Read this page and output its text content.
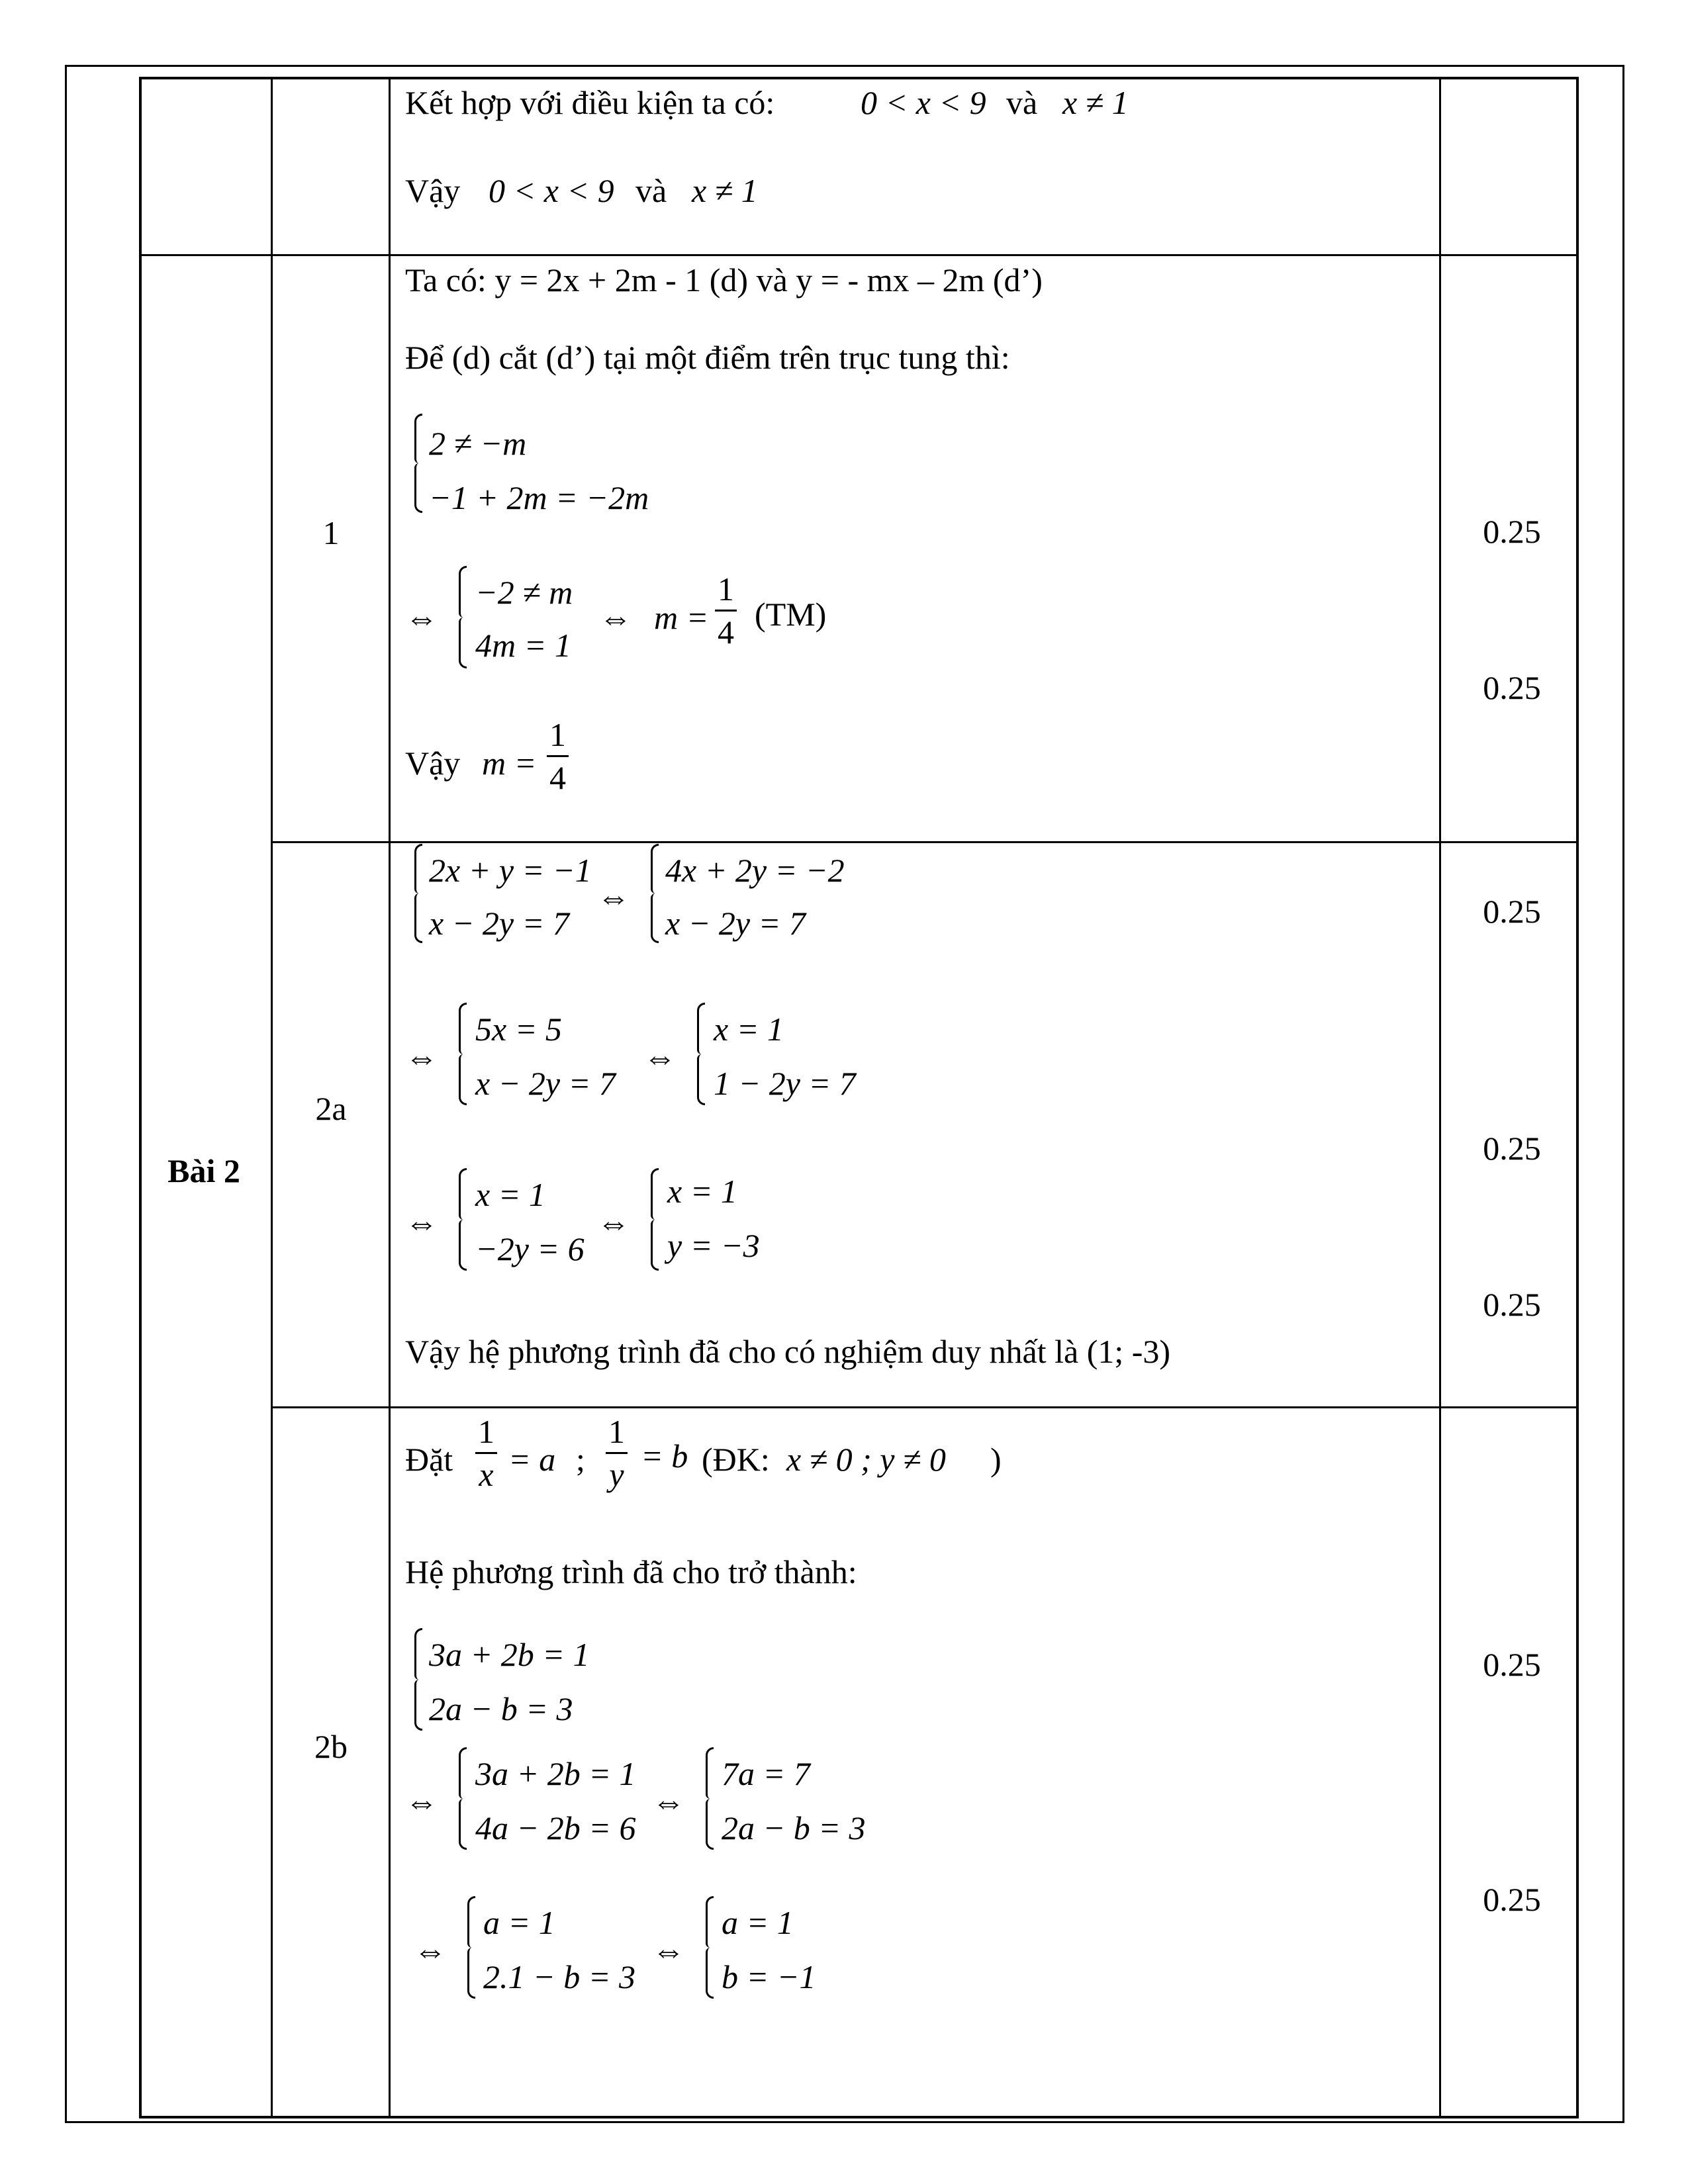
Kết hợp với điều kiện ta có:	0 < x < 9 và x ≠ 1
Vậy 0 < x < 9 và x ≠ 1
Bài 2
1
Ta có: y = 2x + 2m - 1 (d) và y = - mx – 2m (d’)
Để (d) cắt (d’) tại một điểm trên trục tung thì:
2 ≠ −m
−1 + 2m = −2m
⇔
−2 ≠ m
4m = 1
⇔ $m = \frac{1}{4} (TM)$
Vậy $m = \frac{1}{4}$
0.25
0.25
2a
2x + y = −1
x − 2y = 7
⇔
4x + 2y = −2
x − 2y = 7
⇔
5x = 5
x − 2y = 7
⇔
x = 1
1 − 2y = 7
⇔
x = 1
−2y = 6
⇔
x = 1
y = −3
Vậy hệ phương trình đã cho có nghiệm duy nhất là (1; -3)
0.25
0.25
0.25
2b
Đặt $\frac{1}{x} = a$ ; $\frac{1}{y} = b$ (ĐK: x ≠ 0 ; y ≠ 0 )
Hệ phương trình đã cho trở thành:
3a + 2b = 1
2a − b = 3
⇔
3a + 2b = 1
4a − 2b = 6
⇔
7a = 7
2a − b = 3
⇔
a = 1
2.1 − b = 3
⇔
a = 1
b = −1
0.25
0.25
